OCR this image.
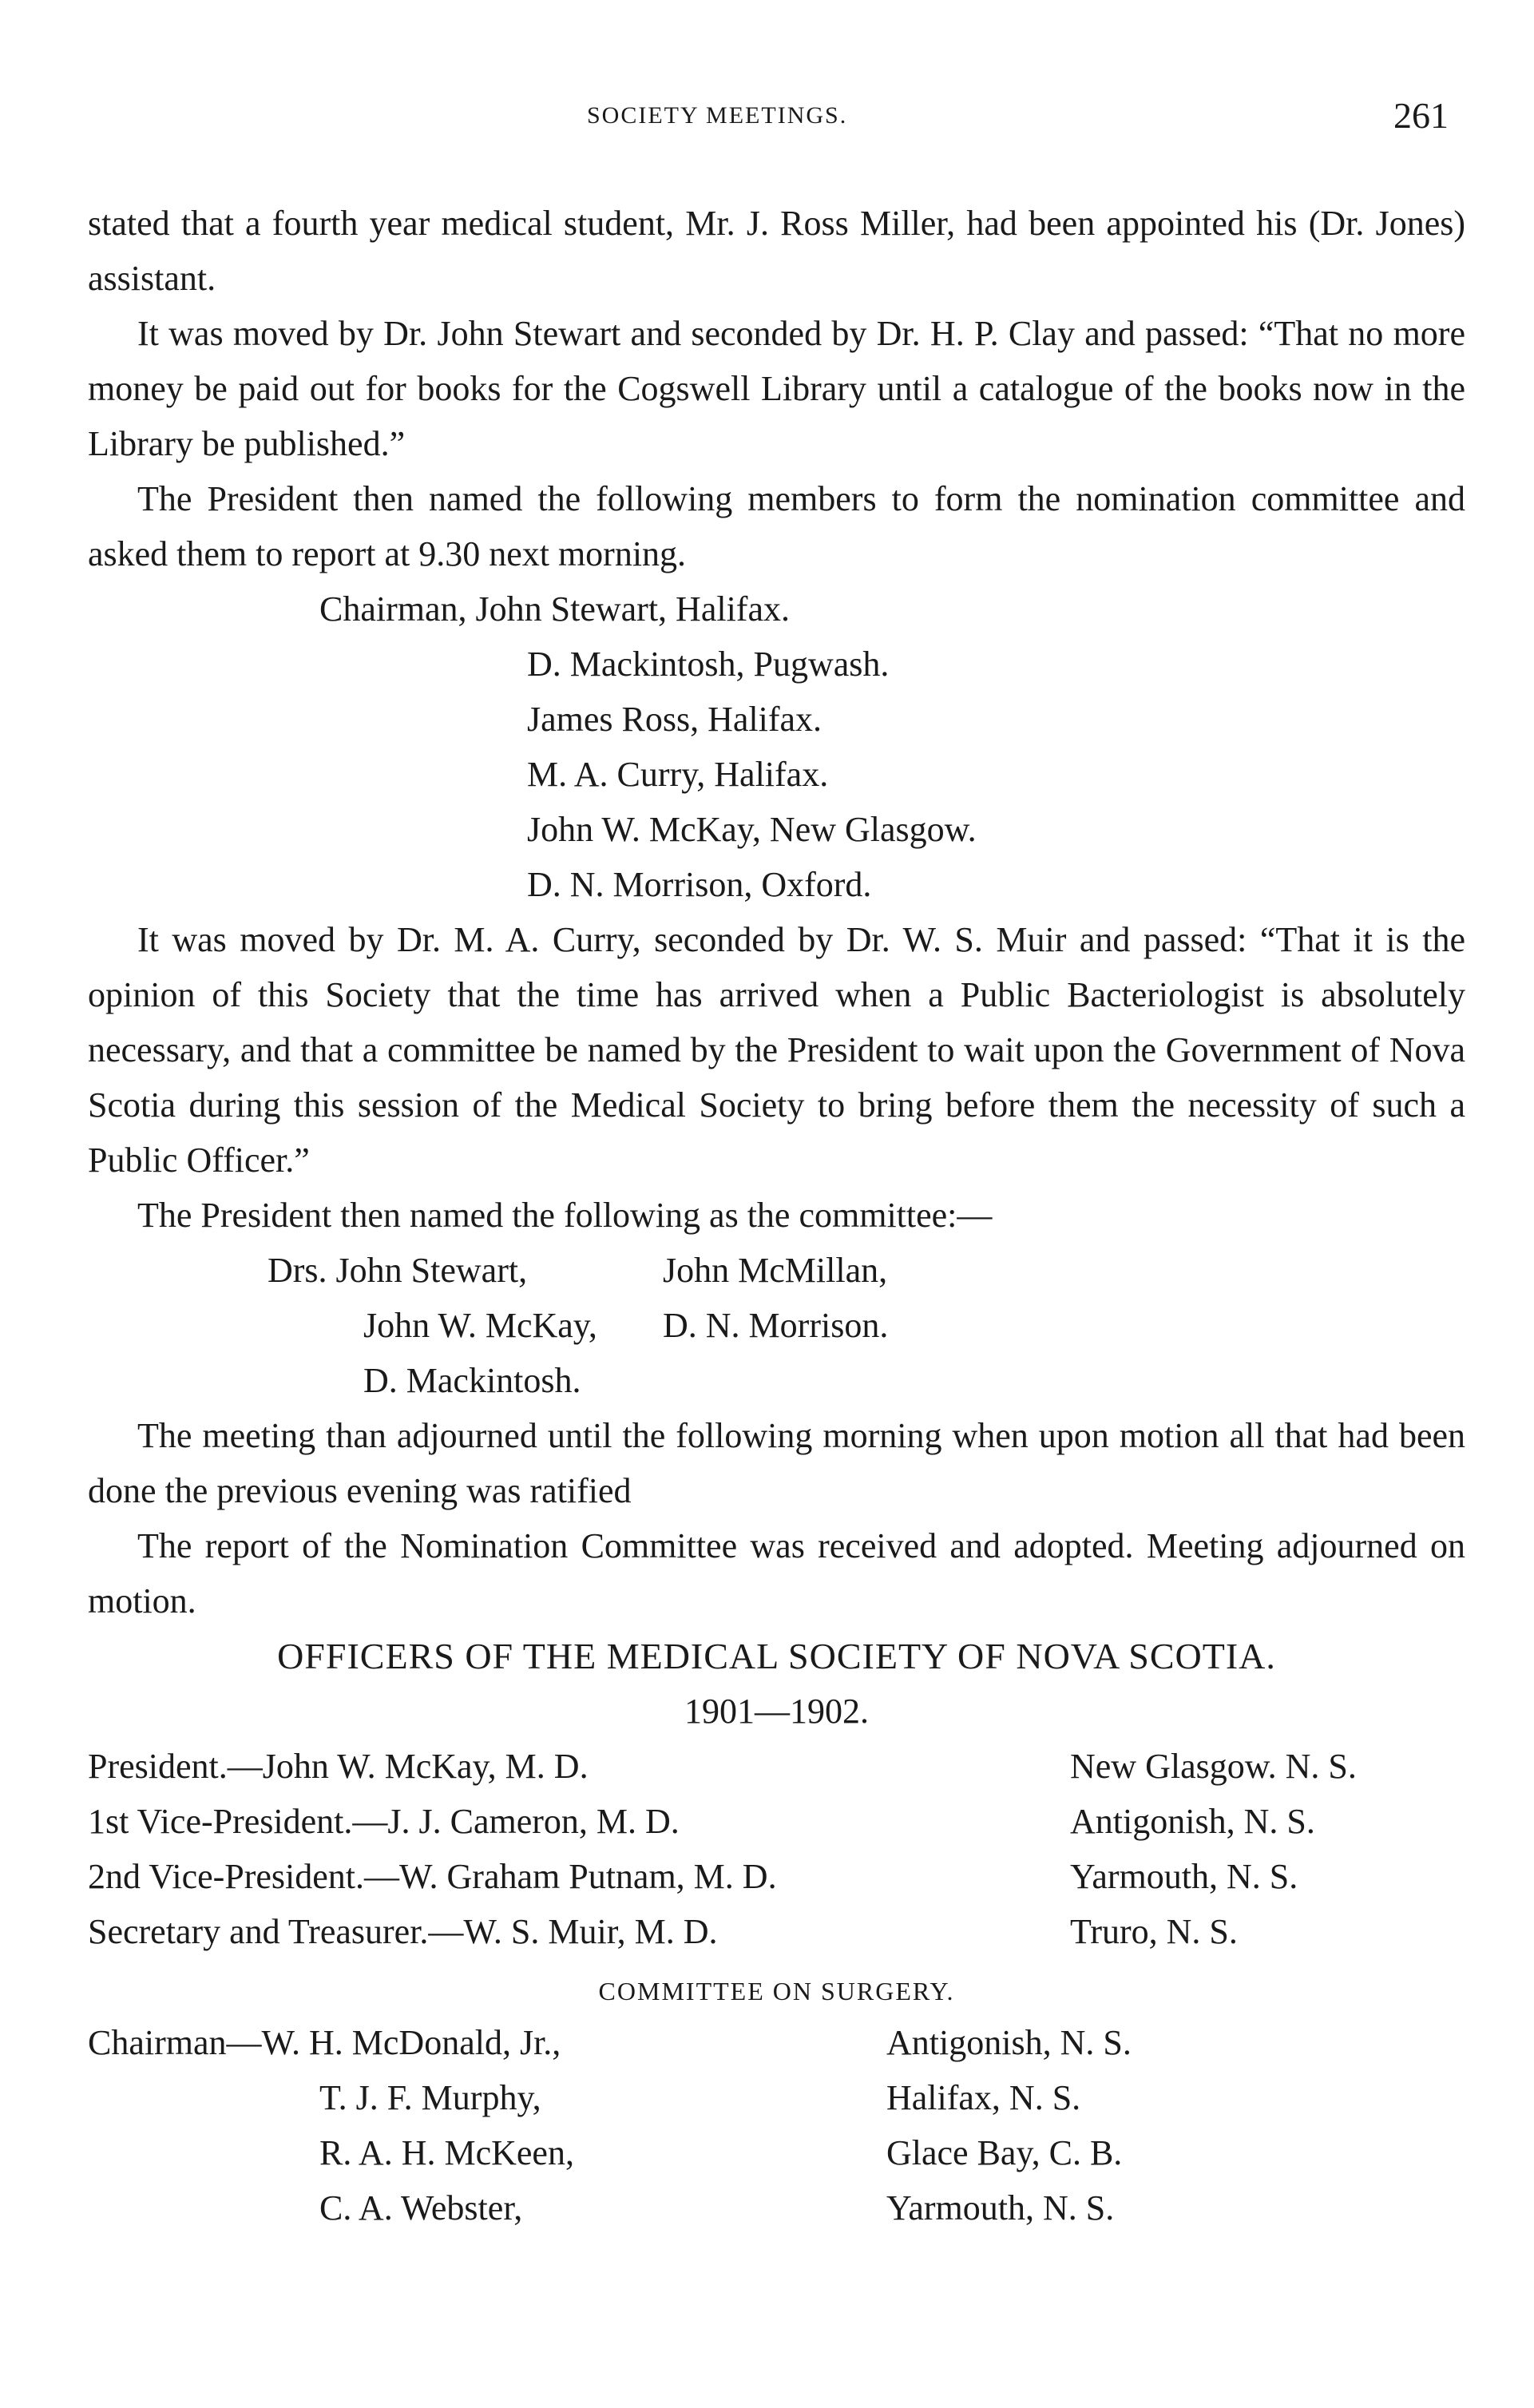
SOCIETY MEETINGS.	261

stated that a fourth year medical student, Mr. J. Ross Miller, had been appointed his (Dr. Jones) assistant.

It was moved by Dr. John Stewart and seconded by Dr. H. P. Clay and passed: “That no more money be paid out for books for the Cogswell Library until a catalogue of the books now in the Library be published.”

The President then named the following members to form the nomination committee and asked them to report at 9.30 next morning.

Chairman, John Stewart, Halifax.
D. Mackintosh, Pugwash.
James Ross, Halifax.
M. A. Curry, Halifax.
John W. McKay, New Glasgow.
D. N. Morrison, Oxford.

It was moved by Dr. M. A. Curry, seconded by Dr. W. S. Muir and passed: “That it is the opinion of this Society that the time has arrived when a Public Bacteriologist is absolutely necessary, and that a committee be named by the President to wait upon the Government of Nova Scotia during this session of the Medical Society to bring before them the necessity of such a Public Officer.”

The President then named the following as the committee:—

Drs. John Stewart,	John McMillan,
John W. McKay,	D. N. Morrison.
D. Mackintosh.

The meeting than adjourned until the following morning when upon motion all that had been done the previous evening was ratified

The report of the Nomination Committee was received and adopted. Meeting adjourned on motion.

OFFICERS OF THE MEDICAL SOCIETY OF NOVA SCOTIA.
1901—1902.
President.—John W. McKay, M. D.	New Glasgow. N. S.
1st Vice-President.—J. J. Cameron, M. D.	Antigonish, N. S.
2nd Vice-President.—W. Graham Putnam, M. D.	Yarmouth, N. S.
Secretary and Treasurer.—W. S. Muir, M. D.	Truro, N. S.
COMMITTEE ON SURGERY.
Chairman—W. H. McDonald, Jr.,	Antigonish, N. S.
T. J. F. Murphy,	Halifax, N. S.
R. A. H. McKeen,	Glace Bay, C. B.
C. A. Webster,	Yarmouth, N. S.
